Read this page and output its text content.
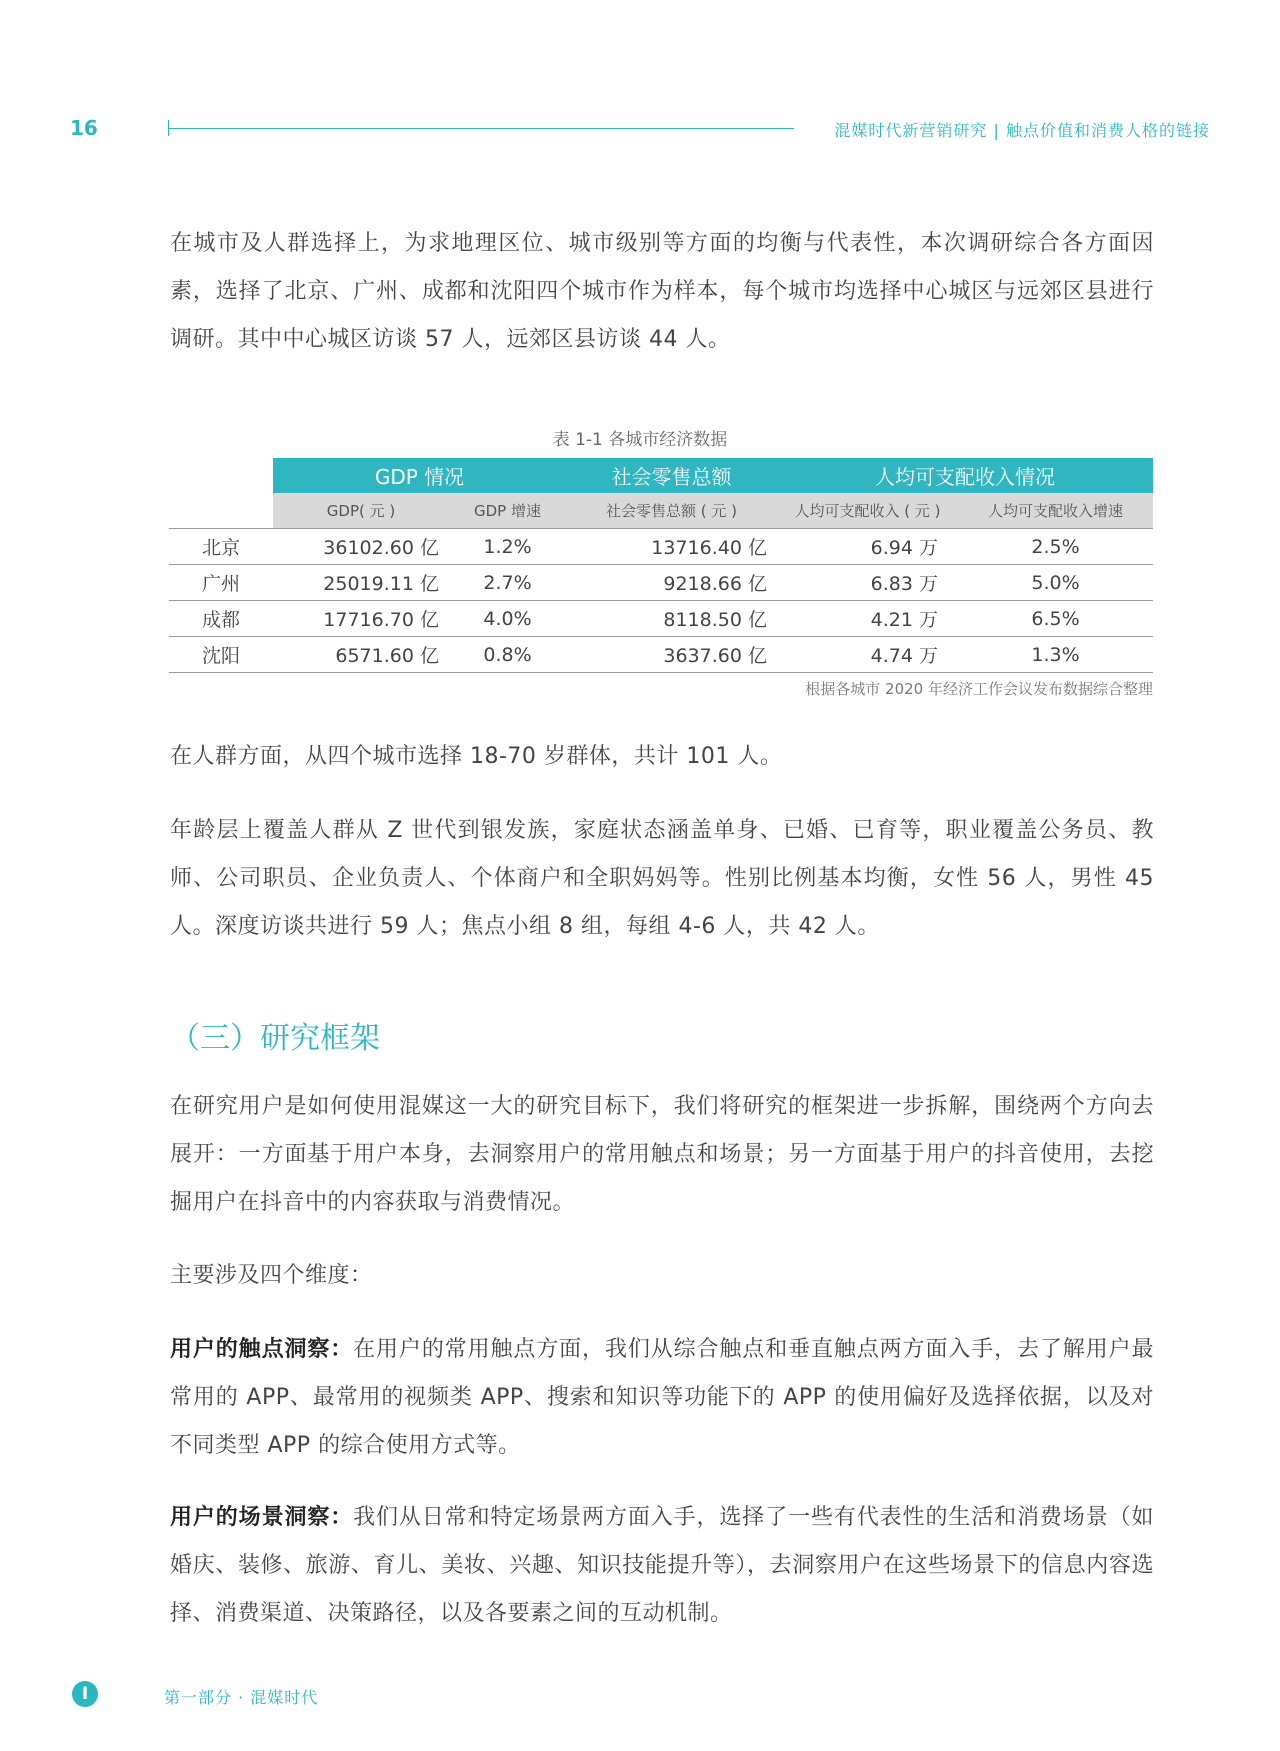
16	混媒时代新营销研究 | 触点价值和消费人格的链接

在城市及人群选择上，为求地理区位、城市级别等方面的均衡与代表性，本次调研综合各方面因素，选择了北京、广州、成都和沈阳四个城市作为样本，每个城市均选择中心城区与远郊区县进行调研。其中中心城区访谈 57 人，远郊区县访谈 44 人。

表 1-1 各城市经济数据
	GDP 情况		社会零售总额	人均可支配收入情况	
	GDP( 元 )	GDP 增速	社会零售总额 ( 元 )	人均可支配收入 ( 元 )	人均可支配收入增速
北京	36102.60 亿	1.2%	13716.40 亿	6.94 万	2.5%
广州	25019.11 亿	2.7%	9218.66 亿	6.83 万	5.0%
成都	17716.70 亿	4.0%	8118.50 亿	4.21 万	6.5%
沈阳	6571.60 亿	0.8%	3637.60 亿	4.74 万	1.3%
根据各城市 2020 年经济工作会议发布数据综合整理

在人群方面，从四个城市选择 18-70 岁群体，共计 101 人。

年龄层上覆盖人群从 Z 世代到银发族，家庭状态涵盖单身、已婚、已育等，职业覆盖公务员、教师、公司职员、企业负责人、个体商户和全职妈妈等。性别比例基本均衡，女性 56 人，男性 45 人。深度访谈共进行 59 人；焦点小组 8 组，每组 4-6 人，共 42 人。

（三）研究框架

在研究用户是如何使用混媒这一大的研究目标下，我们将研究的框架进一步拆解，围绕两个方向去展开：一方面基于用户本身，去洞察用户的常用触点和场景；另一方面基于用户的抖音使用，去挖掘用户在抖音中的内容获取与消费情况。

主要涉及四个维度：

用户的触点洞察：在用户的常用触点方面，我们从综合触点和垂直触点两方面入手，去了解用户最常用的 APP、最常用的视频类 APP、搜索和知识等功能下的 APP 的使用偏好及选择依据，以及对不同类型 APP 的综合使用方式等。

用户的场景洞察：我们从日常和特定场景两方面入手，选择了一些有代表性的生活和消费场景（如婚庆、装修、旅游、育儿、美妆、兴趣、知识技能提升等），去洞察用户在这些场景下的信息内容选择、消费渠道、决策路径，以及各要素之间的互动机制。

I	第一部分 · 混媒时代
